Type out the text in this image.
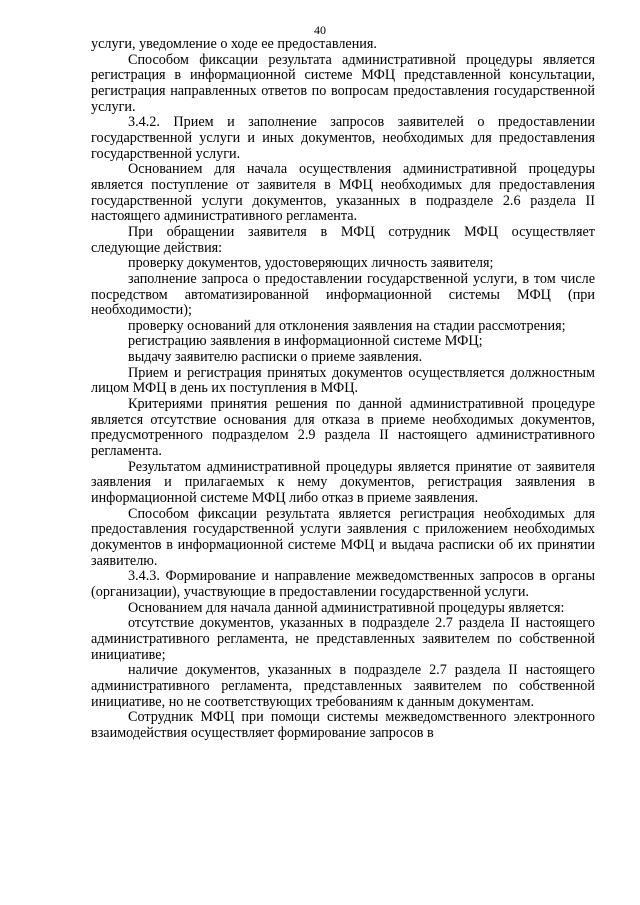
40

услуги, уведомление о ходе ее предоставления.

Способом фиксации результата административной процедуры является регистрация в информационной системе МФЦ представленной консультации, регистрация направленных ответов по вопросам предоставления государственной услуги.

3.4.2. Прием и заполнение запросов заявителей о предоставлении государственной услуги и иных документов, необходимых для предоставления государственной услуги.

Основанием для начала осуществления административной процедуры является поступление от заявителя в МФЦ необходимых для предоставления государственной услуги документов, указанных в подразделе 2.6 раздела II настоящего административного регламента.

При обращении заявителя в МФЦ сотрудник МФЦ осуществляет следующие действия:

проверку документов, удостоверяющих личность заявителя;

заполнение запроса о предоставлении государственной услуги, в том числе посредством автоматизированной информационной системы МФЦ (при необходимости);

проверку оснований для отклонения заявления на стадии рассмотрения;

регистрацию заявления в информационной системе МФЦ;

выдачу заявителю расписки о приеме заявления.

Прием и регистрация принятых документов осуществляется должностным лицом МФЦ в день их поступления в МФЦ.

Критериями принятия решения по данной административной процедуре является отсутствие основания для отказа в приеме необходимых документов, предусмотренного подразделом 2.9 раздела II настоящего административного регламента.

Результатом административной процедуры является принятие от заявителя заявления и прилагаемых к нему документов, регистрация заявления в информационной системе МФЦ либо отказ в приеме заявления.

Способом фиксации результата является регистрация необходимых для предоставления государственной услуги заявления с приложением необходимых документов в информационной системе МФЦ и выдача расписки об их принятии заявителю.

3.4.3. Формирование и направление межведомственных запросов в органы (организации), участвующие в предоставлении государственной услуги.

Основанием для начала данной административной процедуры является:

отсутствие документов, указанных в подразделе 2.7 раздела II настоящего административного регламента, не представленных заявителем по собственной инициативе;

наличие документов, указанных в подразделе 2.7 раздела II настоящего административного регламента, представленных заявителем по собственной инициативе, но не соответствующих требованиям к данным документам.

Сотрудник МФЦ при помощи системы межведомственного электронного взаимодействия осуществляет формирование запросов в
